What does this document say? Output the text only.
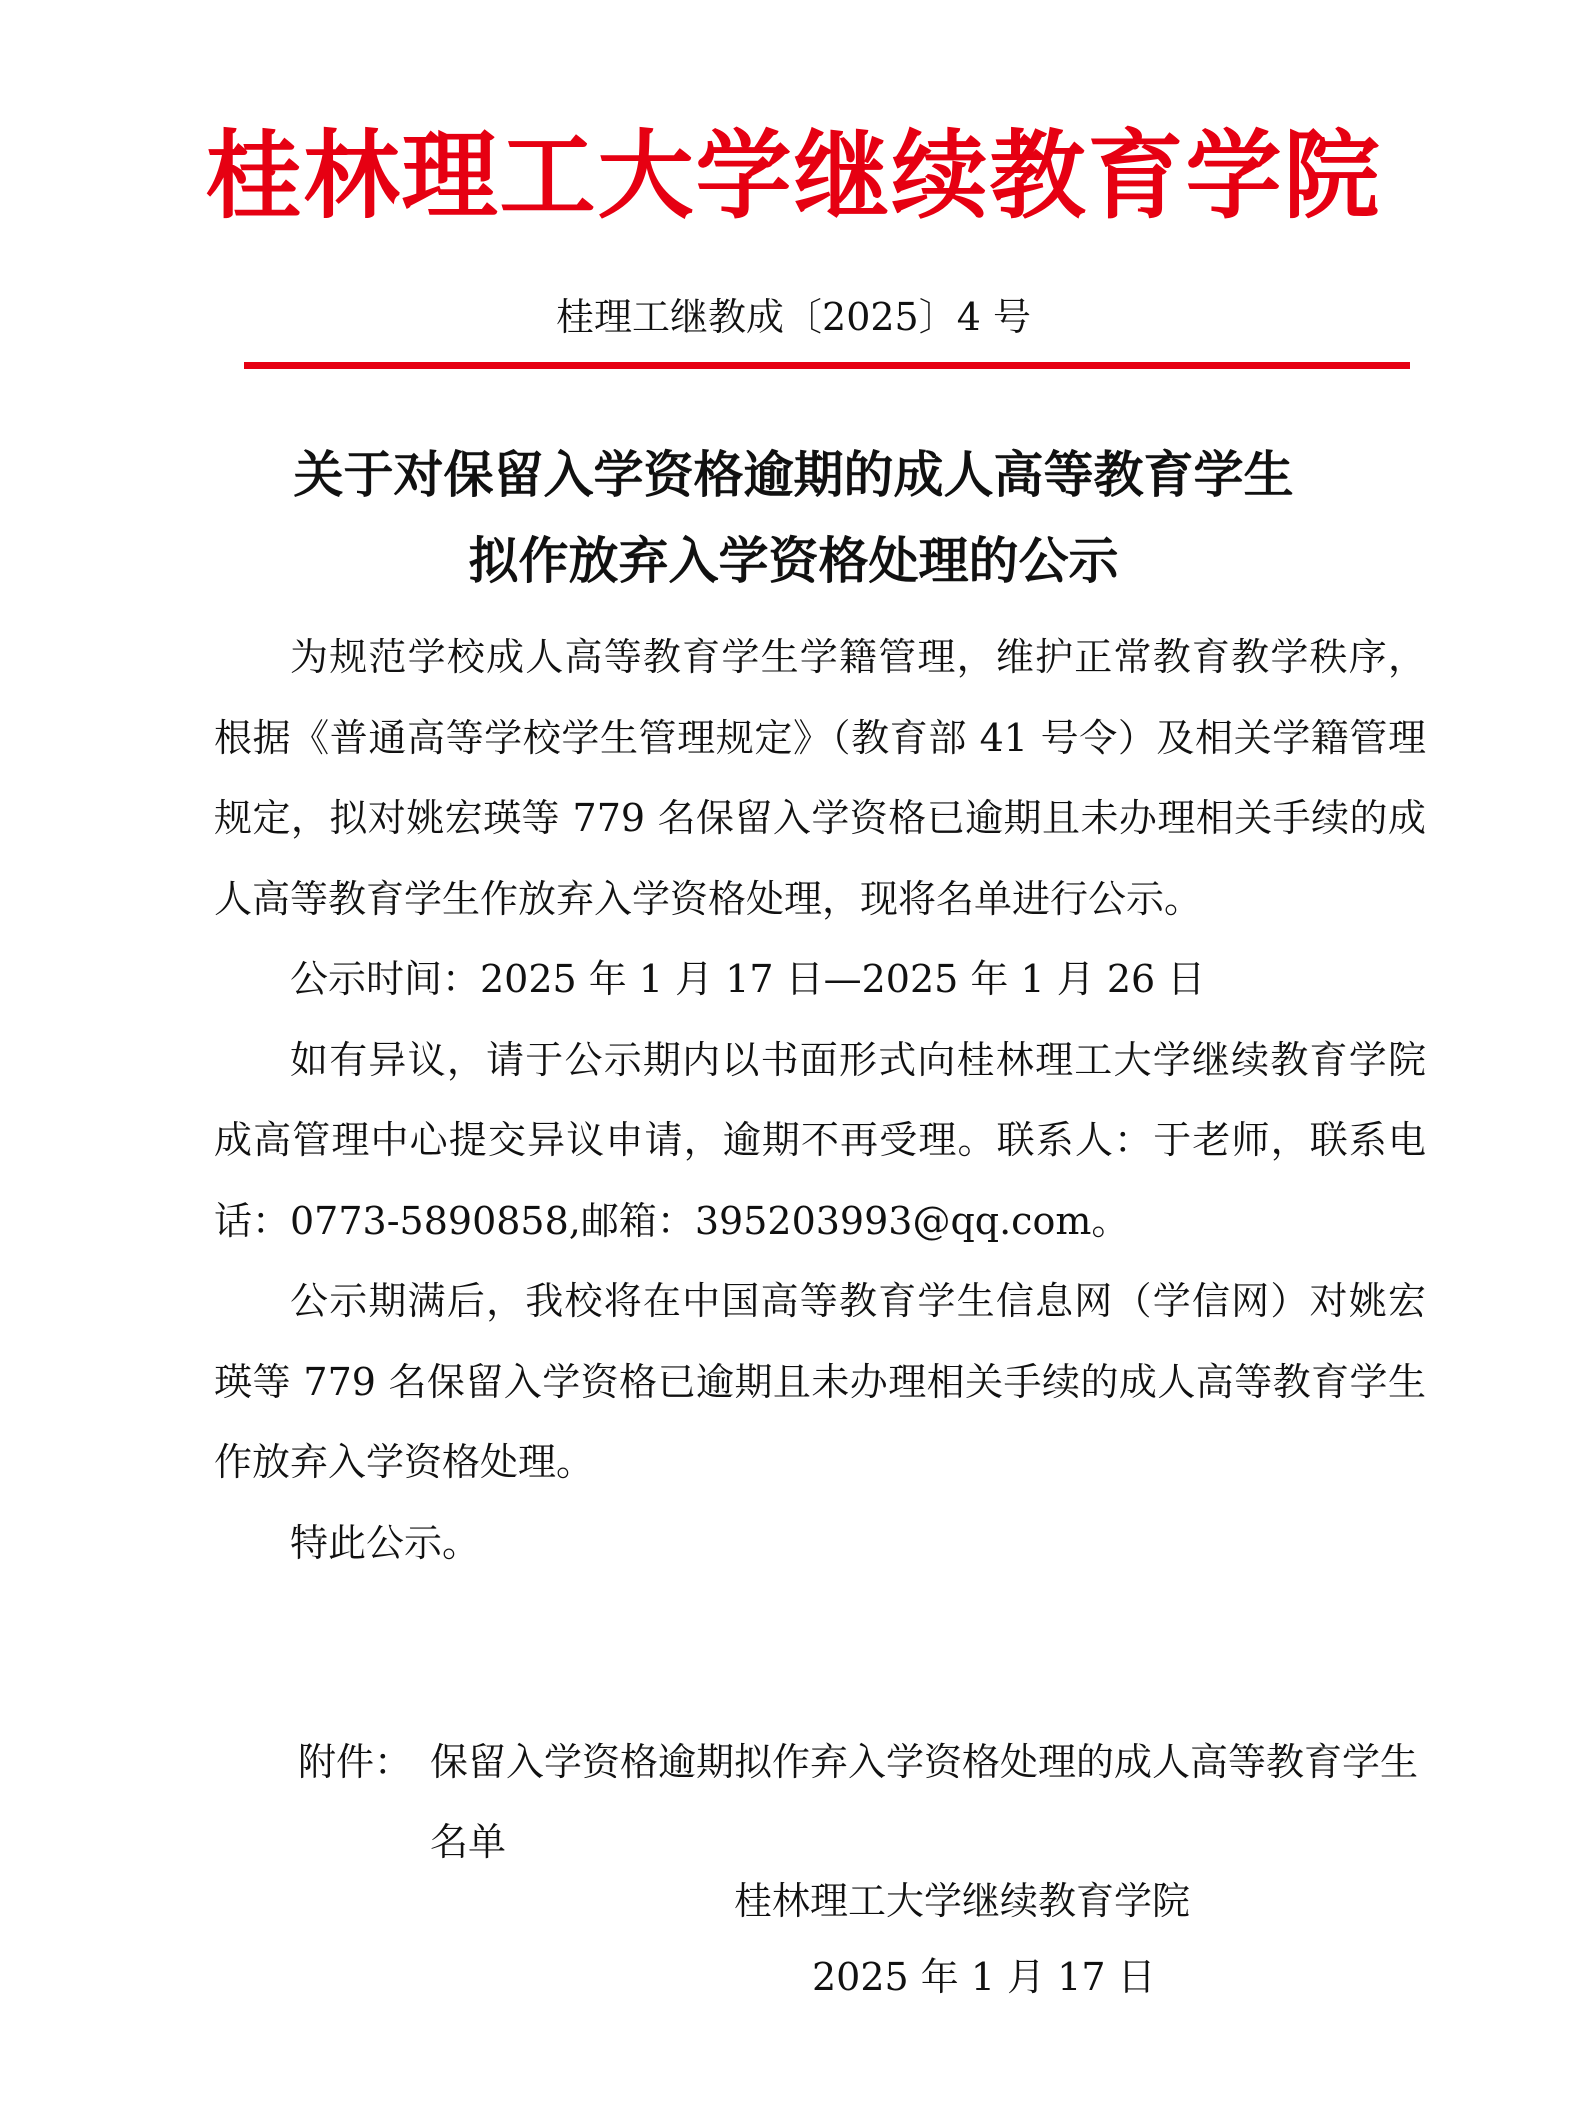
桂林理工大学继续教育学院
桂理工继教成〔2025〕4 号
关于对保留入学资格逾期的成人高等教育学生
拟作放弃入学资格处理的公示

为规范学校成人高等教育学生学籍管理，维护正常教育教学秩序，根据《普通高等学校学生管理规定》（教育部 41 号令）及相关学籍管理规定，拟对姚宏瑛等 779 名保留入学资格已逾期且未办理相关手续的成人高等教育学生作放弃入学资格处理，现将名单进行公示。

公示时间：2025 年 1 月 17 日—2025 年 1 月 26 日

如有异议，请于公示期内以书面形式向桂林理工大学继续教育学院成高管理中心提交异议申请，逾期不再受理。联系人：于老师，联系电话：0773-5890858,邮箱：395203993@qq.com。

公示期满后，我校将在中国高等教育学生信息网（学信网）对姚宏瑛等 779 名保留入学资格已逾期且未办理相关手续的成人高等教育学生作放弃入学资格处理。

特此公示。

附件： 保留入学资格逾期拟作弃入学资格处理的成人高等教育学生名单
桂林理工大学继续教育学院
2025 年 1 月 17 日
